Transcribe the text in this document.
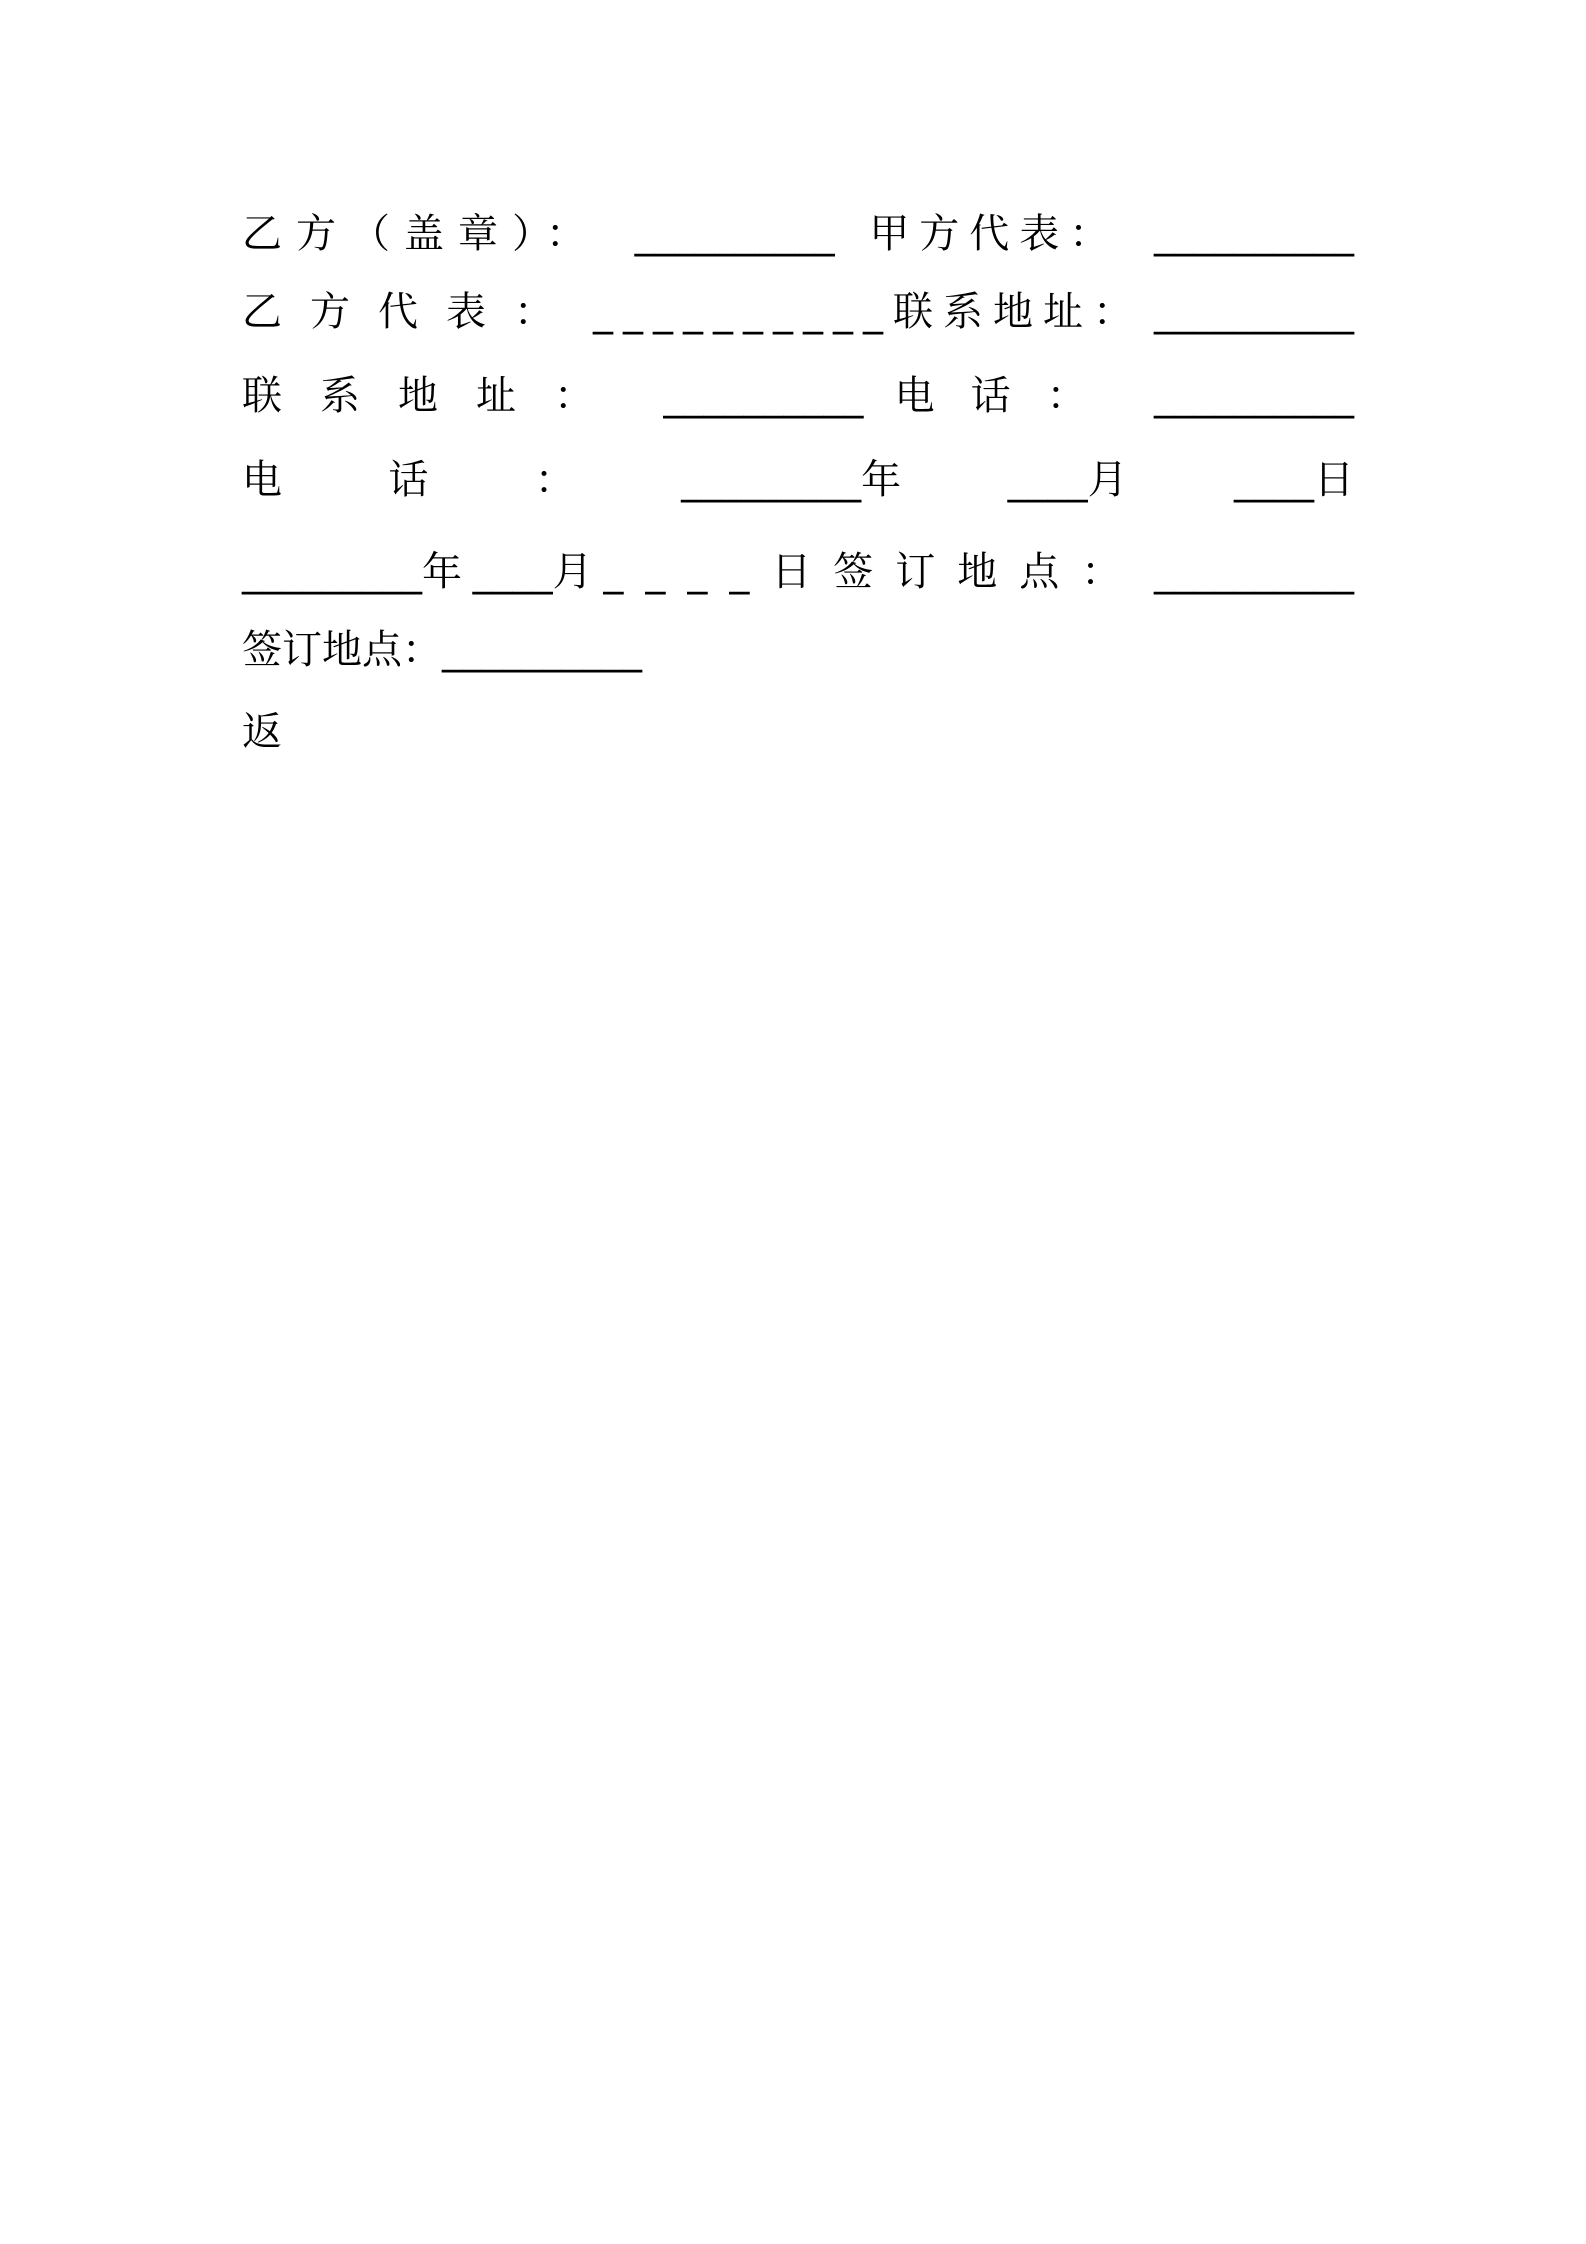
乙方（盖章）： __________ 甲方代表： __________
乙方代表： __________联系地址： __________
联系地址： __________ 电话： __________
电	话	：	_________年	____月	____日
_________年 ____月 ____日签订地点： __________
签订地点：__________
返
